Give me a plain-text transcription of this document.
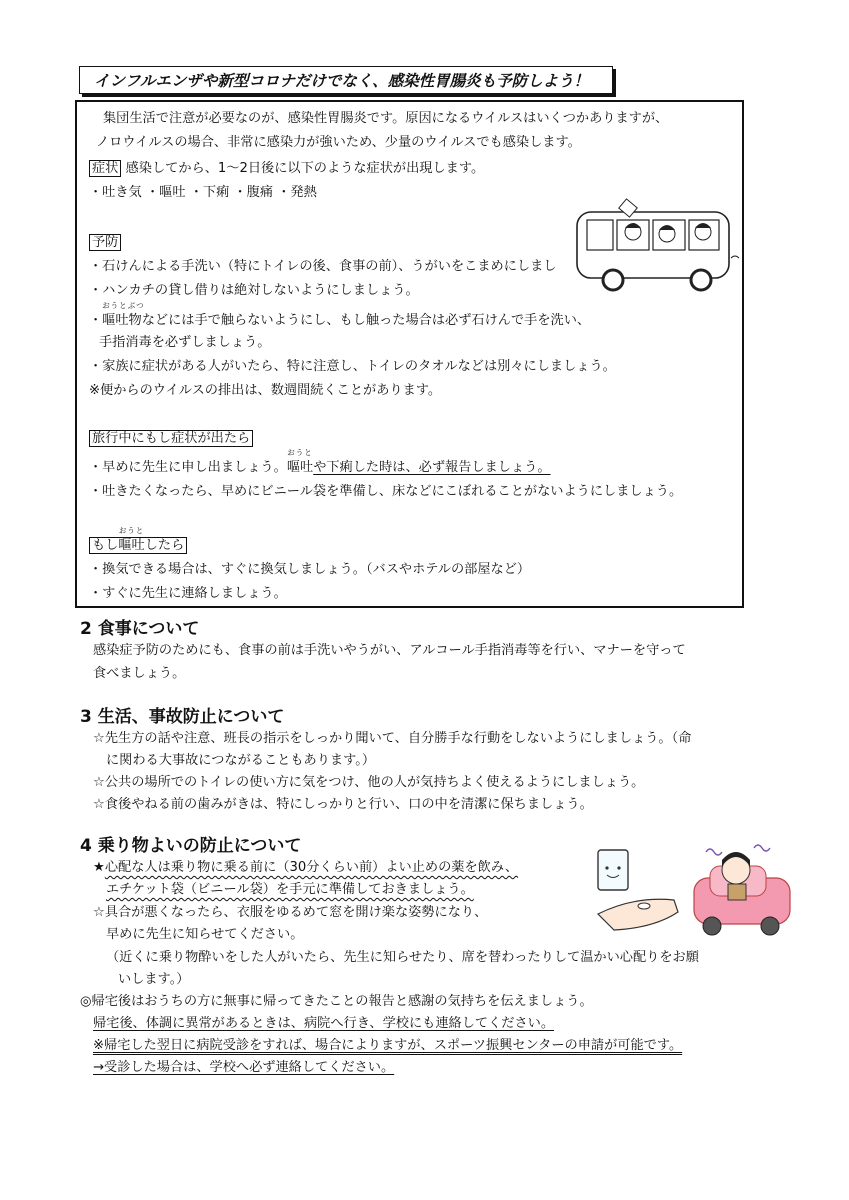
インフルエンザや新型コロナだけでなく、感染性胃腸炎も予防しよう！
集団生活で注意が必要なのが、感染性胃腸炎です。原因になるウイルスはいくつかありますが、
ノロウイルスの場合、非常に感染力が強いため、少量のウイルスでも感染します。
症状 感染してから、1～2日後に以下のような症状が出現します。
・吐き気 ・嘔吐 ・下痢 ・腹痛 ・発熱
予防
・石けんによる手洗い（特にトイレの後、食事の前）、うがいをこまめにしまし
・ハンカチの貸し借りは絶対しないようにしましょう。
・
おうとぶつ
嘔吐物などには手で触らないようにし、もし触った場合は必ず石けんで手を洗い、
手指消毒を必ずしましょう。
・家族に症状がある人がいたら、特に注意し、トイレのタオルなどは別々にしましょう。
※便からのウイルスの排出は、数週間続くことがあります。
旅行中にもし症状が出たら
・早めに先生に申し出ましょう。
おうと
嘔吐や下痢した時は、必ず報告しましょう。
・吐きたくなったら、早めにビニール袋を準備し、床などにこぼれることがないようにしましょう。
もし
おうと
嘔吐したら
・換気できる場合は、すぐに換気しましょう。（バスやホテルの部屋など）
・すぐに先生に連絡しましょう。
2 食事について
感染症予防のためにも、食事の前は手洗いやうがい、アルコール手指消毒等を行い、マナーを守って
食べましょう。
3 生活、事故防止について
☆先生方の話や注意、班長の指示をしっかり聞いて、自分勝手な行動をしないようにしましょう。（命
に関わる大事故につながることもあります。）
☆公共の場所でのトイレの使い方に気をつけ、他の人が気持ちよく使えるようにしましょう。
☆食後やねる前の歯みがきは、特にしっかりと行い、口の中を清潔に保ちましょう。
4 乗り物よいの防止について
★心配な人は乗り物に乗る前に（30分くらい前）よい止めの薬を飲み、
エチケット袋（ビニール袋）を手元に準備しておきましょう。
☆具合が悪くなったら、衣服をゆるめて窓を開け楽な姿勢になり、
早めに先生に知らせてください。
（近くに乗り物酔いをした人がいたら、先生に知らせたり、席を替わったりして温かい心配りをお願
いします。）
◎帰宅後はおうちの方に無事に帰ってきたことの報告と感謝の気持ちを伝えましょう。
帰宅後、体調に異常があるときは、病院へ行き、学校にも連絡してください。
※帰宅した翌日に病院受診をすれば、場合によりますが、スポーツ振興センターの申請が可能です。
→受診した場合は、学校へ必ず連絡してください。
